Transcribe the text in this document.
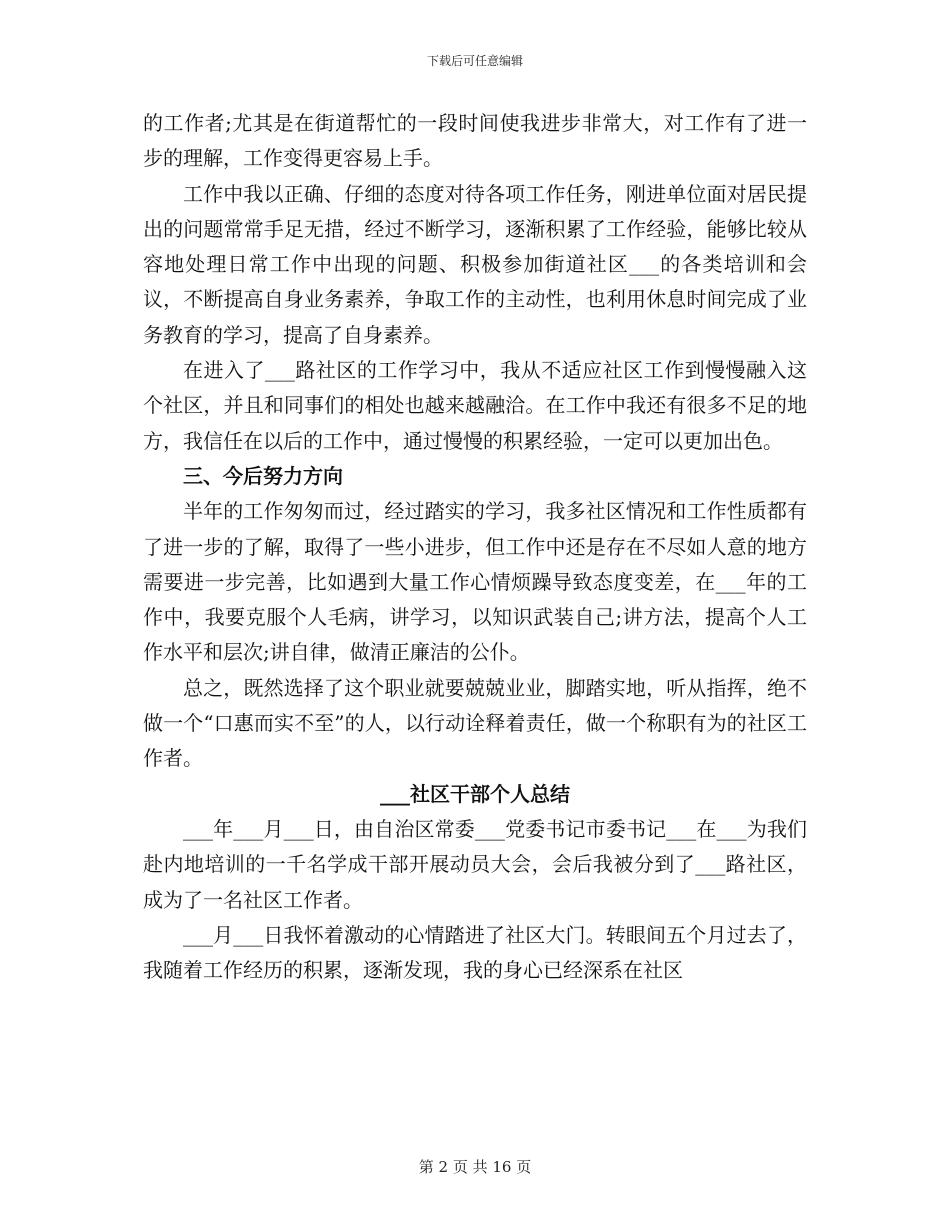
下载后可任意编辑

的工作者;尤其是在街道帮忙的一段时间使我进步非常大，对工作有了进一步的理解，工作变得更容易上手。

工作中我以正确、仔细的态度对待各项工作任务，刚进单位面对居民提出的问题常常手足无措，经过不断学习，逐渐积累了工作经验，能够比较从容地处理日常工作中出现的问题、积极参加街道社区___的各类培训和会议，不断提高自身业务素养，争取工作的主动性，也利用休息时间完成了业务教育的学习，提高了自身素养。

在进入了___路社区的工作学习中，我从不适应社区工作到慢慢融入这个社区，并且和同事们的相处也越来越融洽。在工作中我还有很多不足的地方，我信任在以后的工作中，通过慢慢的积累经验，一定可以更加出色。

三、今后努力方向

半年的工作匆匆而过，经过踏实的学习，我多社区情况和工作性质都有了进一步的了解，取得了一些小进步，但工作中还是存在不尽如人意的地方需要进一步完善，比如遇到大量工作心情烦躁导致态度变差，在___年的工作中，我要克服个人毛病，讲学习，以知识武装自己;讲方法，提高个人工作水平和层次;讲自律，做清正廉洁的公仆。

总之，既然选择了这个职业就要兢兢业业，脚踏实地，听从指挥，绝不做一个“口惠而实不至”的人，以行动诠释着责任，做一个称职有为的社区工作者。

___社区干部个人总结

___年___月___日，由自治区常委___党委书记市委书记___在___为我们赴内地培训的一千名学成干部开展动员大会，会后我被分到了___路社区，成为了一名社区工作者。

___月___日我怀着激动的心情踏进了社区大门。转眼间五个月过去了，我随着工作经历的积累，逐渐发现，我的身心已经深系在社区

第 2 页 共 16 页
